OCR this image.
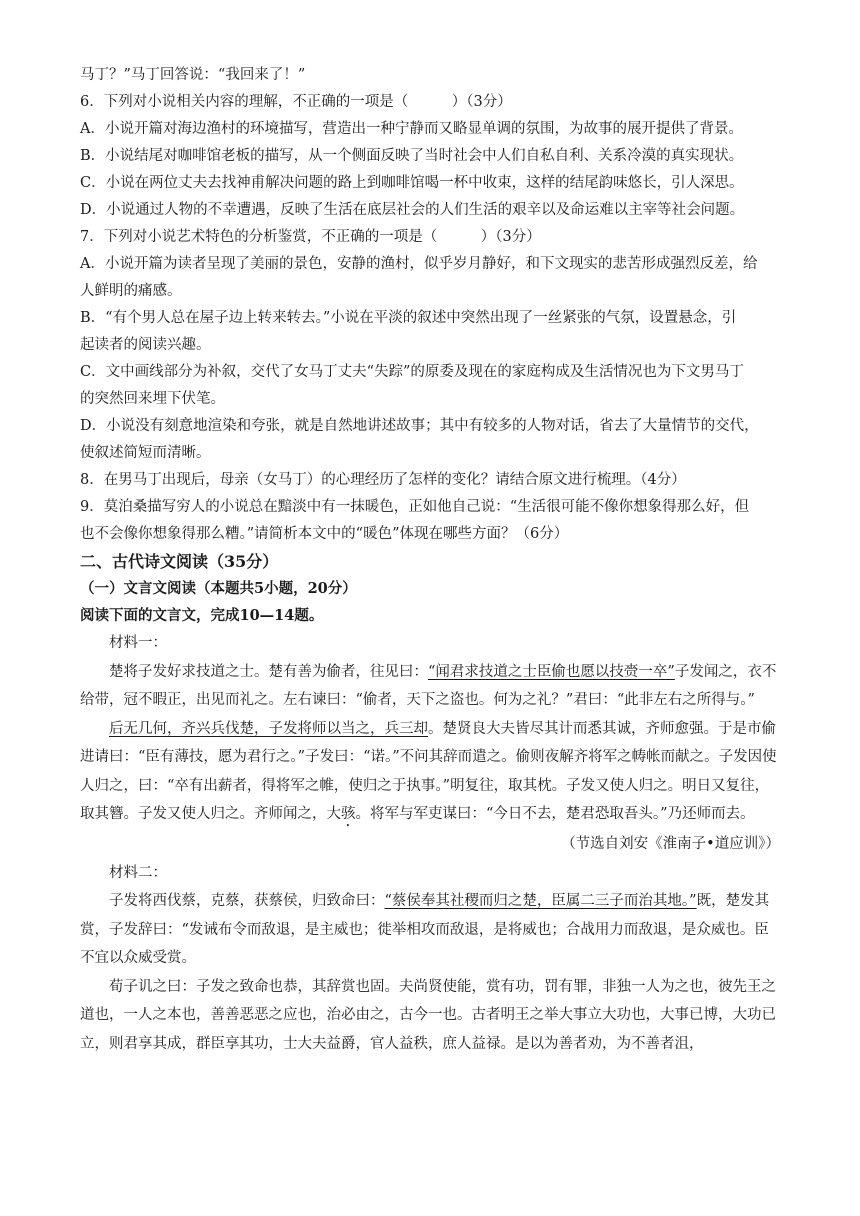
马丁？”马丁回答说：“我回来了！”
6．下列对小说相关内容的理解，不正确的一项是（　　　）（3分）
A．小说开篇对海边渔村的环境描写，营造出一种宁静而又略显单调的氛围，为故事的展开提供了背景。
B．小说结尾对咖啡馆老板的描写，从一个侧面反映了当时社会中人们自私自利、关系冷漠的真实现状。
C．小说在两位丈夫去找神甫解决问题的路上到咖啡馆喝一杯中收束，这样的结尾韵味悠长，引人深思。
D．小说通过人物的不幸遭遇，反映了生活在底层社会的人们生活的艰辛以及命运难以主宰等社会问题。
7．下列对小说艺术特色的分析鉴赏，不正确的一项是（　　　）（3分）
A．小说开篇为读者呈现了美丽的景色，安静的渔村，似乎岁月静好，和下文现实的悲苦形成强烈反差，给
人鲜明的痛感。
B．“有个男人总在屋子边上转来转去。”小说在平淡的叙述中突然出现了一丝紧张的气氛，设置悬念，引
起读者的阅读兴趣。
C．文中画线部分为补叙，交代了女马丁丈夫“失踪”的原委及现在的家庭构成及生活情况也为下文男马丁
的突然回来埋下伏笔。
D．小说没有刻意地渲染和夸张，就是自然地讲述故事；其中有较多的人物对话，省去了大量情节的交代，
使叙述简短而清晰。
8．在男马丁出现后，母亲（女马丁）的心理经历了怎样的变化？请结合原文进行梳理。（4分）
9．莫泊桑描写穷人的小说总在黯淡中有一抹暖色，正如他自己说：“生活很可能不像你想象得那么好，但
也不会像你想象得那么糟。”请简析本文中的“暖色”体现在哪些方面？（6分）
二、古代诗文阅读（35分）
（一）文言文阅读（本题共5小题，20分）
阅读下面的文言文，完成10—14题。
材料一：
楚将子发好求技道之士。楚有善为偷者，往见曰：“闻君求技道之士臣偷也愿以技赍一卒”子发闻之，衣不给带，冠不暇正，出见而礼之。左右谏曰：“偷者，天下之盗也。何为之礼？”君曰：“此非左右之所得与。”
后无几何，齐兴兵伐楚，子发将师以当之，兵三却。楚贤良大夫皆尽其计而悉其诚，齐师愈强。于是市偷进请曰：“臣有薄技，愿为君行之。”子发曰：“诺。”不问其辞而遣之。偷则夜解齐将军之帱帐而献之。子发因使人归之，曰：“卒有出薪者，得将军之帷，使归之于执事。”明复往，取其枕。子发又使人归之。明日又复往，取其簪。子发又使人归之。齐师闻之，大骇。将军与军吏谋曰：“今日不去，楚君恐取吾头。”乃还师而去。
（节选自刘安《淮南子•道应训》）
材料二：
子发将西伐蔡，克蔡，获蔡侯，归致命曰：“蔡侯奉其社稷而归之楚，臣属二三子而治其地。”既，楚发其赏，子发辞曰：“发诫布令而敌退，是主威也；徙举相攻而敌退，是将威也；合战用力而敌退，是众威也。臣不宜以众威受赏。
荀子讥之曰：子发之致命也恭，其辞赏也固。夫尚贤使能，赏有功，罚有罪，非独一人为之也，彼先王之道也，一人之本也，善善恶恶之应也，治必由之，古今一也。古者明王之举大事立大功也，大事已博，大功已立，则君享其成，群臣享其功，士大夫益爵，官人益秩，庶人益禄。是以为善者劝，为不善者沮，
